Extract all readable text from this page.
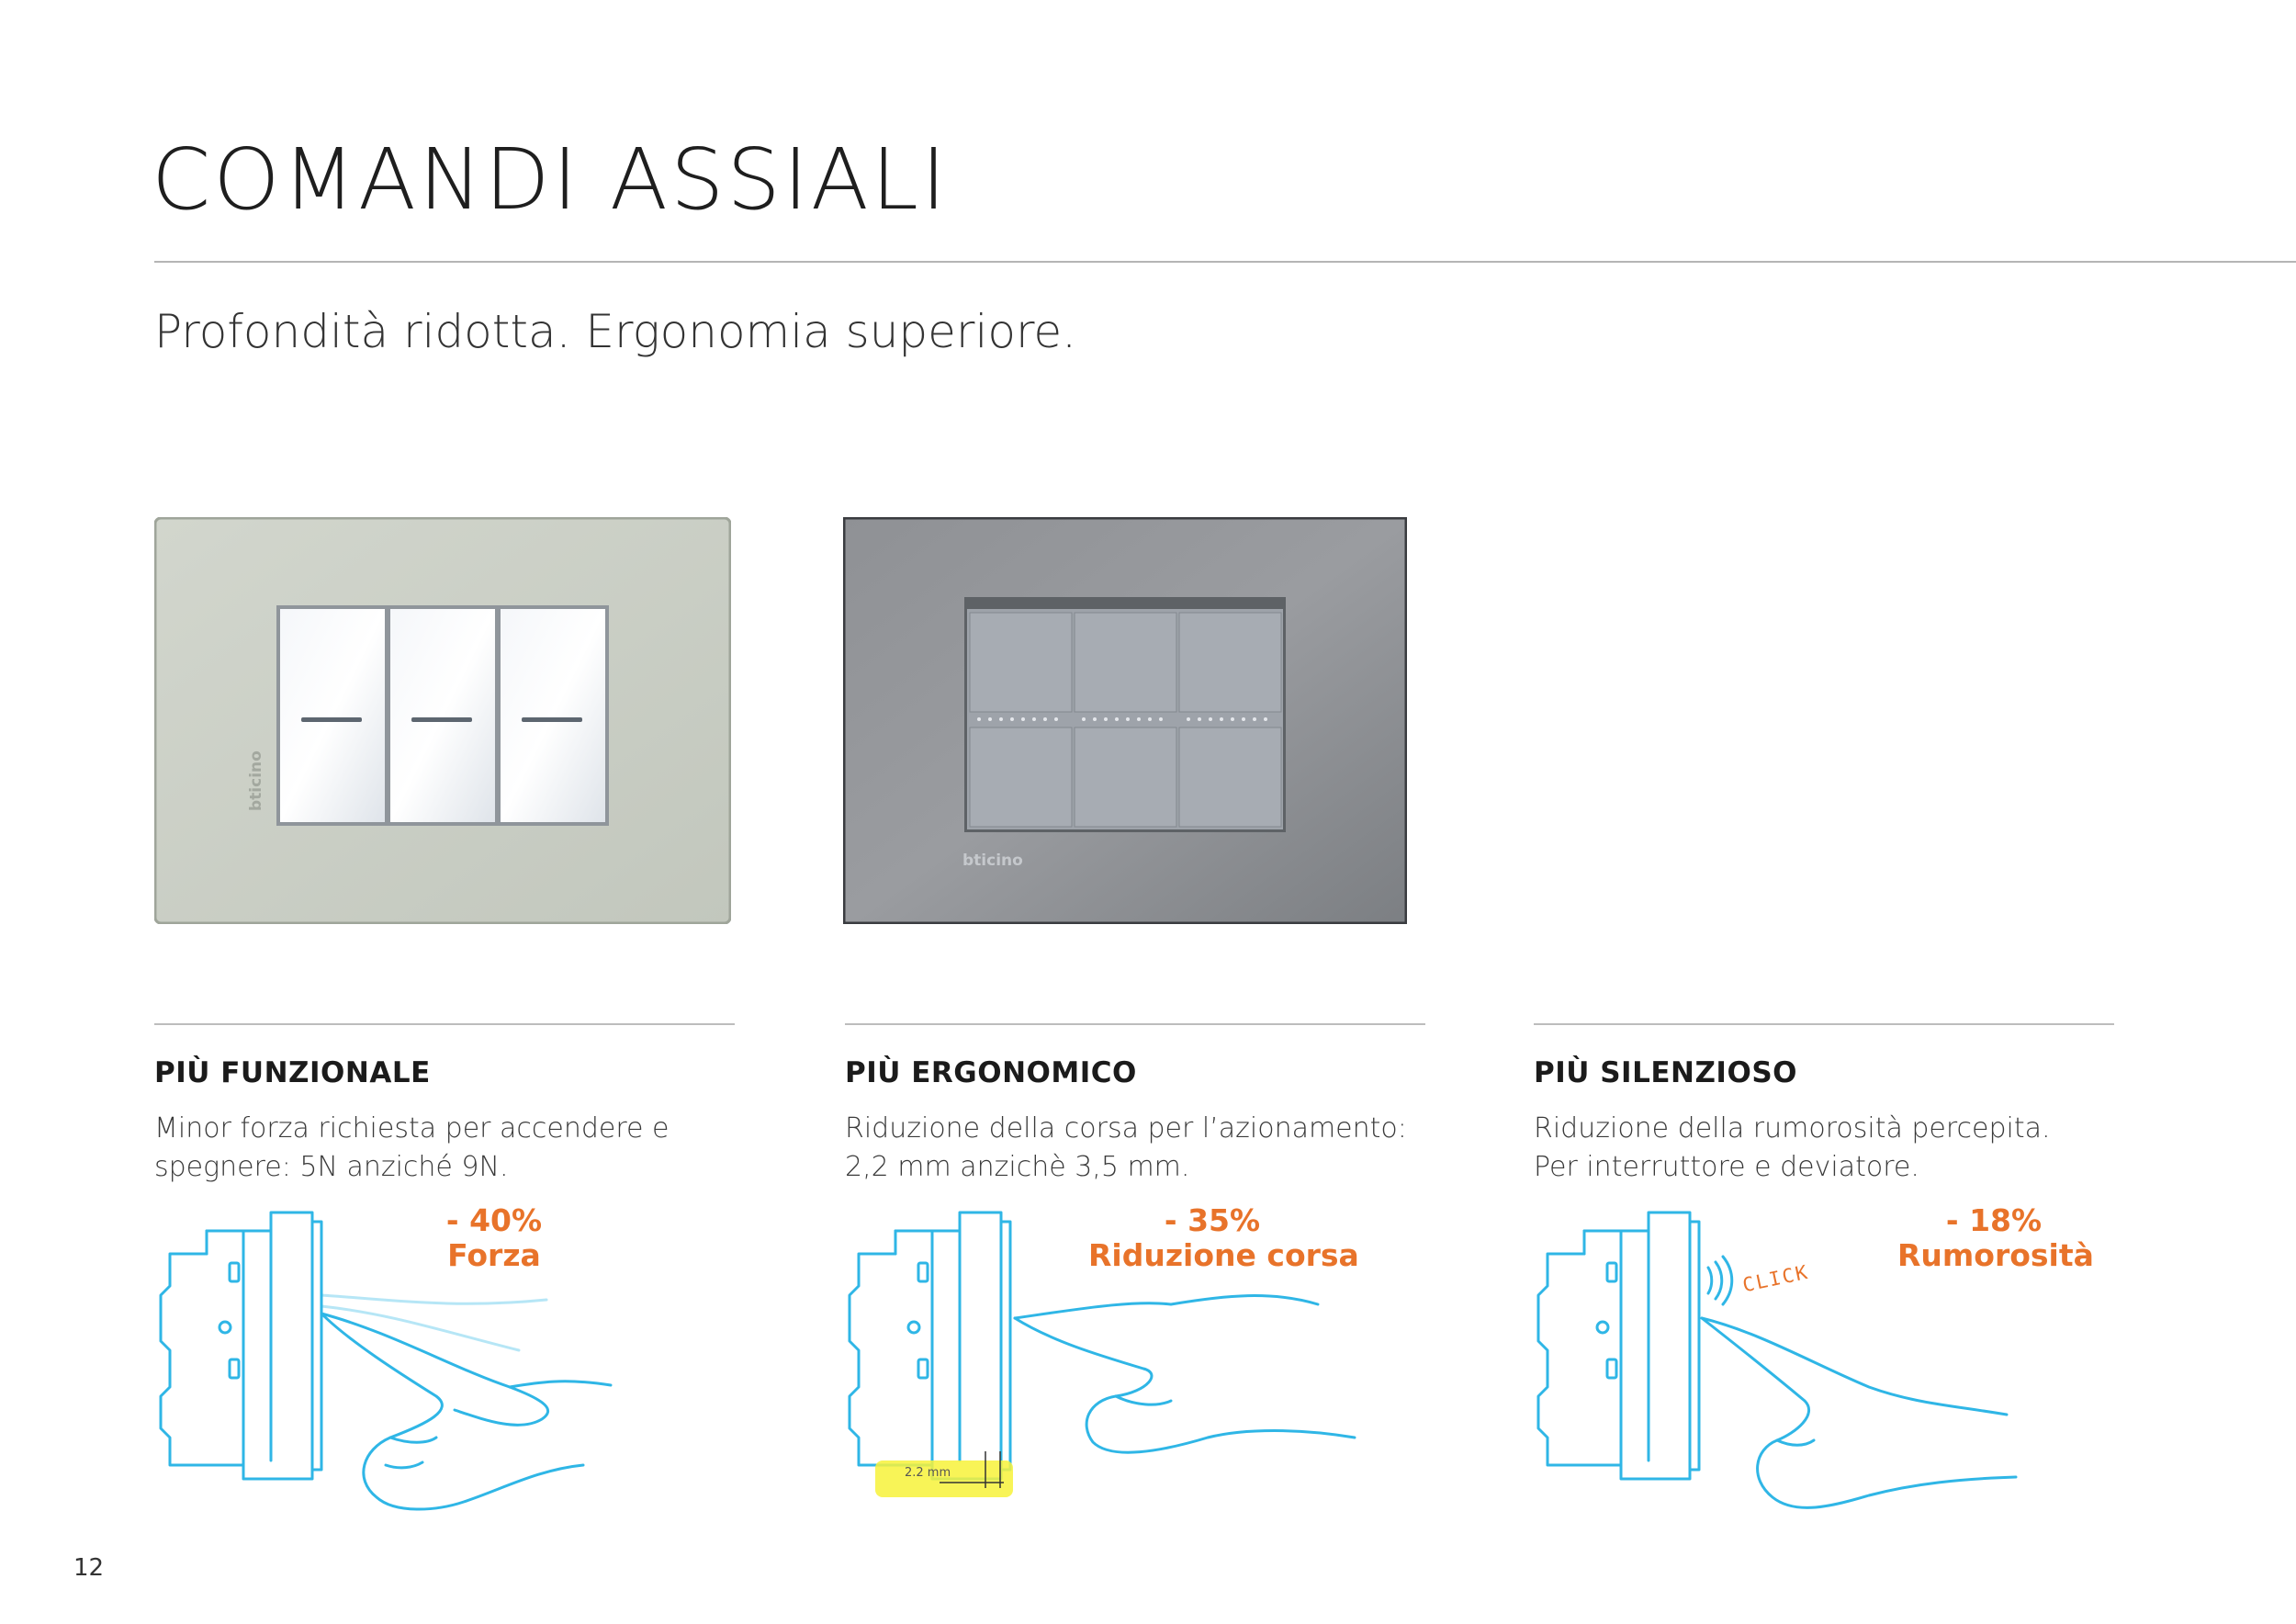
COMANDI ASSIALI
Profondità ridotta. Ergonomia superiore.
bticino
bticino
PIÙ FUNZIONALE

Minor forza richiesta per accendere e
spegnere: 5N anziché 9N.

PIÙ ERGONOMICO

Riduzione della corsa per l’azionamento:
2,2 mm anzichè 3,5 mm.

PIÙ SILENZIOSO

Riduzione della rumorosità percepita.
Per interruttore e deviatore.

- 40%
Forza
2.2 mm
- 35%
Riduzione corsa
CLICK
- 18%
Rumorosità
12
